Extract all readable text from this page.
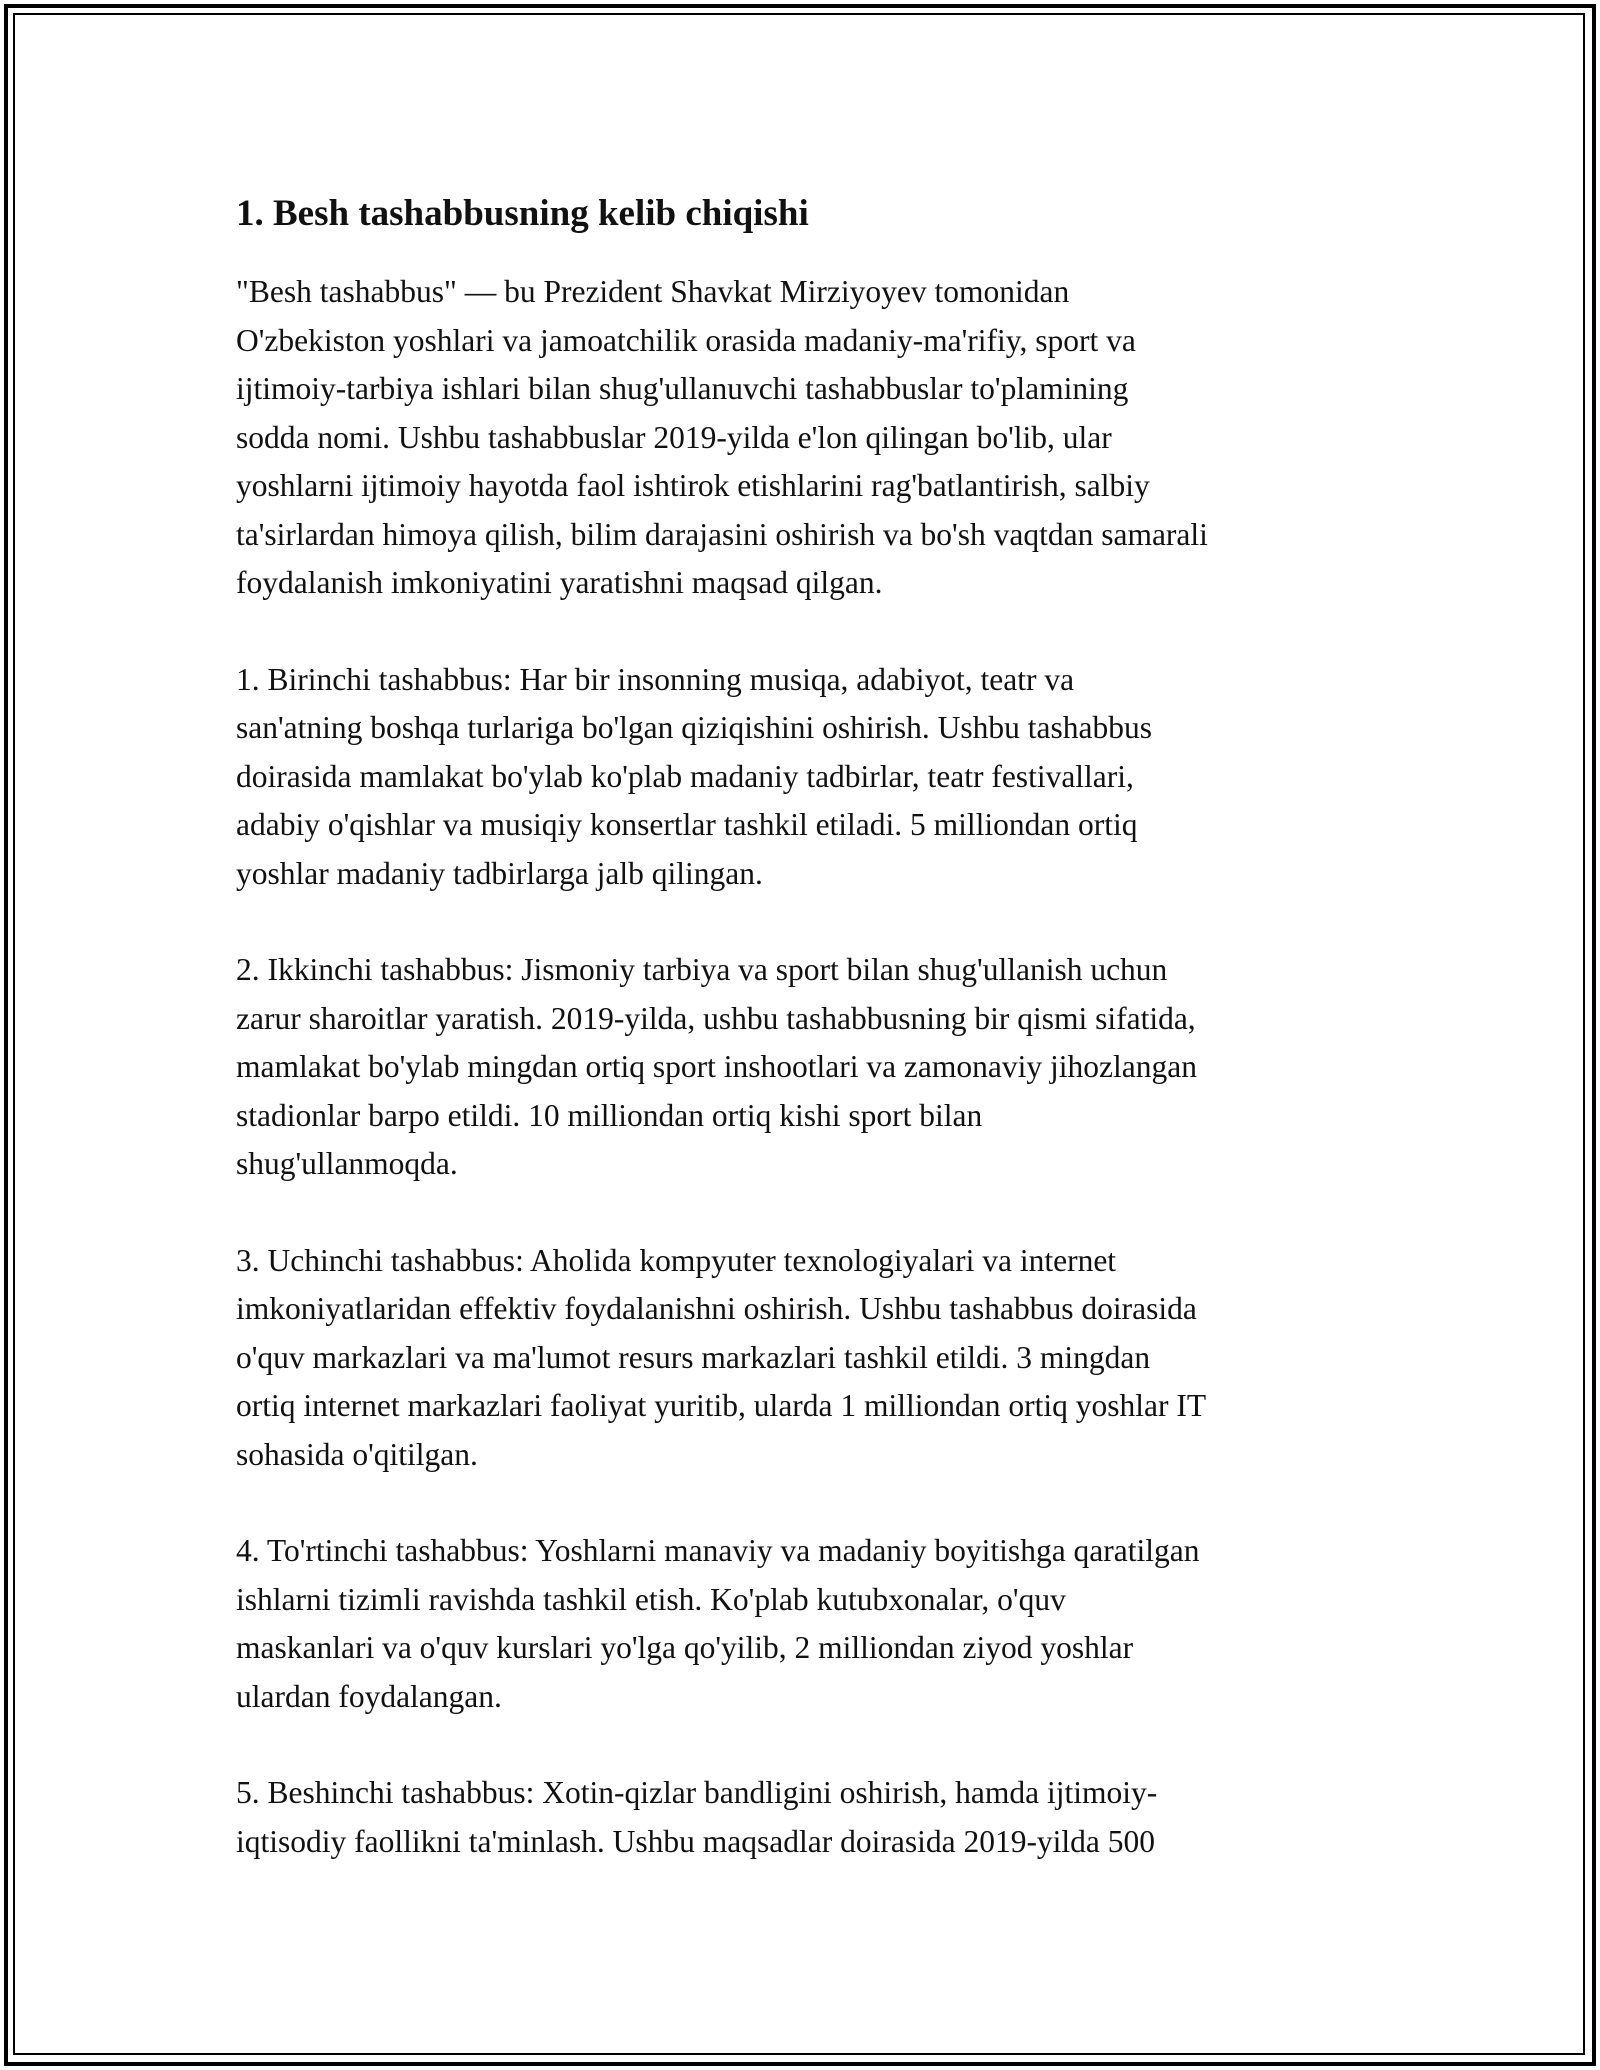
1. Besh tashabbusning kelib chiqishi

"Besh tashabbus" — bu Prezident Shavkat Mirziyoyev tomonidan
O'zbekiston yoshlari va jamoatchilik orasida madaniy-ma'rifiy, sport va
ijtimoiy-tarbiya ishlari bilan shug'ullanuvchi tashabbuslar to'plamining
sodda nomi. Ushbu tashabbuslar 2019-yilda e'lon qilingan bo'lib, ular
yoshlarni ijtimoiy hayotda faol ishtirok etishlarini rag'batlantirish, salbiy
ta'sirlardan himoya qilish, bilim darajasini oshirish va bo'sh vaqtdan samarali
foydalanish imkoniyatini yaratishni maqsad qilgan.

1. Birinchi tashabbus: Har bir insonning musiqa, adabiyot, teatr va
san'atning boshqa turlariga bo'lgan qiziqishini oshirish. Ushbu tashabbus
doirasida mamlakat bo'ylab ko'plab madaniy tadbirlar, teatr festivallari,
adabiy o'qishlar va musiqiy konsertlar tashkil etiladi. 5 milliondan ortiq
yoshlar madaniy tadbirlarga jalb qilingan.

2. Ikkinchi tashabbus: Jismoniy tarbiya va sport bilan shug'ullanish uchun
zarur sharoitlar yaratish. 2019-yilda, ushbu tashabbusning bir qismi sifatida,
mamlakat bo'ylab mingdan ortiq sport inshootlari va zamonaviy jihozlangan
stadionlar barpo etildi. 10 milliondan ortiq kishi sport bilan
shug'ullanmoqda.

3. Uchinchi tashabbus: Aholida kompyuter texnologiyalari va internet
imkoniyatlaridan effektiv foydalanishni oshirish. Ushbu tashabbus doirasida
o'quv markazlari va ma'lumot resurs markazlari tashkil etildi. 3 mingdan
ortiq internet markazlari faoliyat yuritib, ularda 1 milliondan ortiq yoshlar IT
sohasida o'qitilgan.

4. To'rtinchi tashabbus: Yoshlarni manaviy va madaniy boyitishga qaratilgan
ishlarni tizimli ravishda tashkil etish. Ko'plab kutubxonalar, o'quv
maskanlari va o'quv kurslari yo'lga qo'yilib, 2 milliondan ziyod yoshlar
ulardan foydalangan.

5. Beshinchi tashabbus: Xotin-qizlar bandligini oshirish, hamda ijtimoiy-
iqtisodiy faollikni ta'minlash. Ushbu maqsadlar doirasida 2019-yilda 500
